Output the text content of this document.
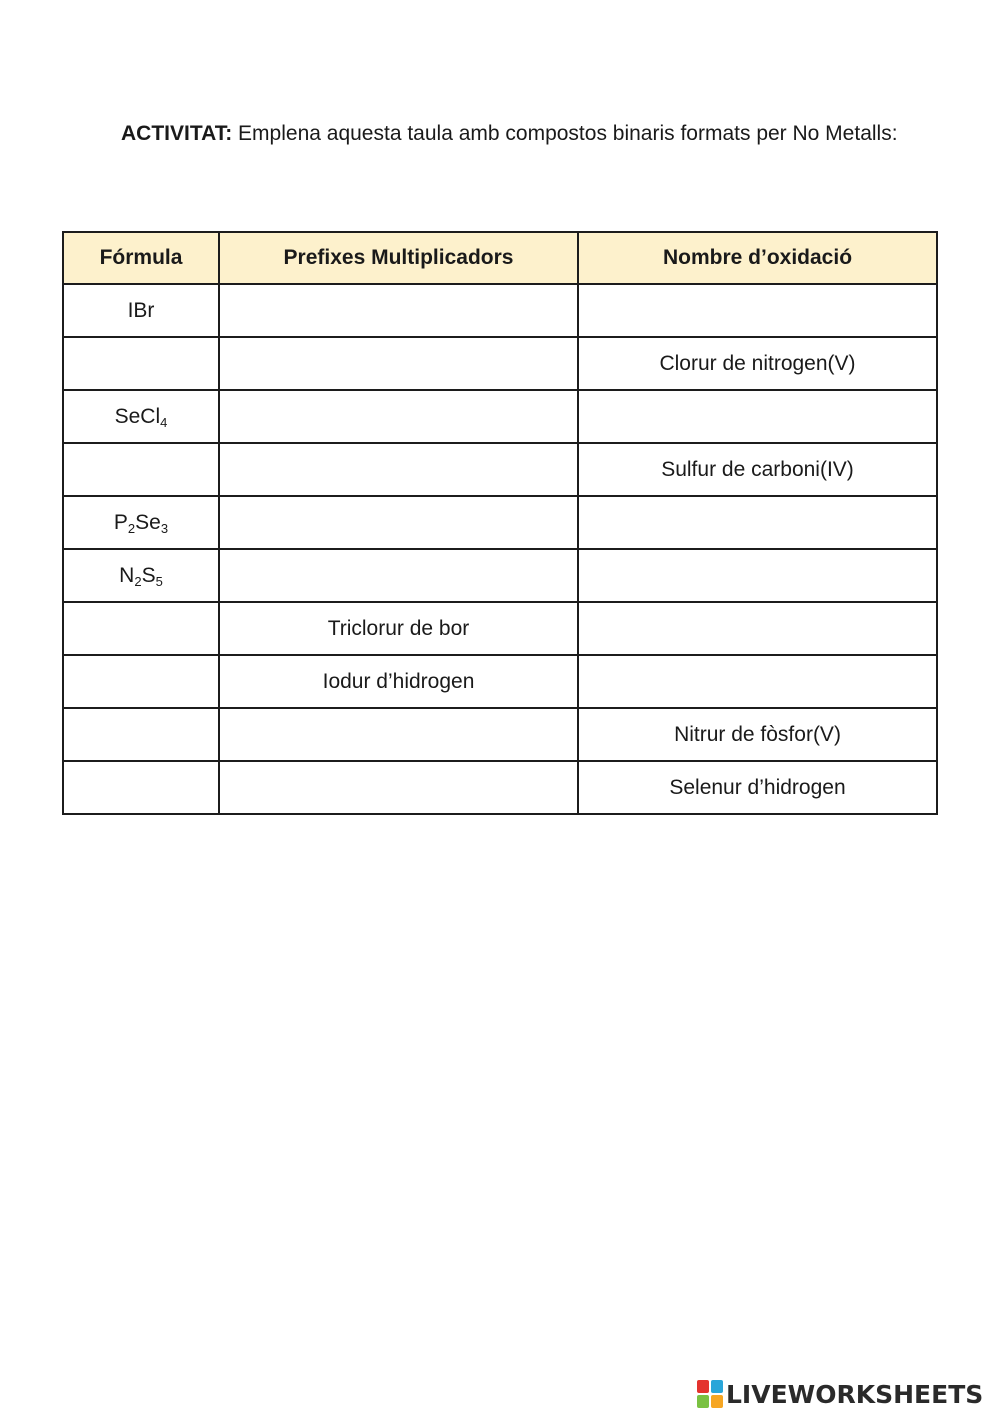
ACTIVITAT: Emplena aquesta taula amb compostos binaris formats per No Metalls:
Fórmula	Prefixes Multiplicadors	Nombre d’oxidació
IBr		
		Clorur de nitrogen(V)
SeCl$_4$		
		Sulfur de carboni(IV)
$P_2Se_3$		
$N_2S_5$		
	Triclorur de bor	
	Iodur d’hidrogen	
		Nitrur de fòsfor(V)
		Selenur d’hidrogen
LIVEWORKSHEETS
